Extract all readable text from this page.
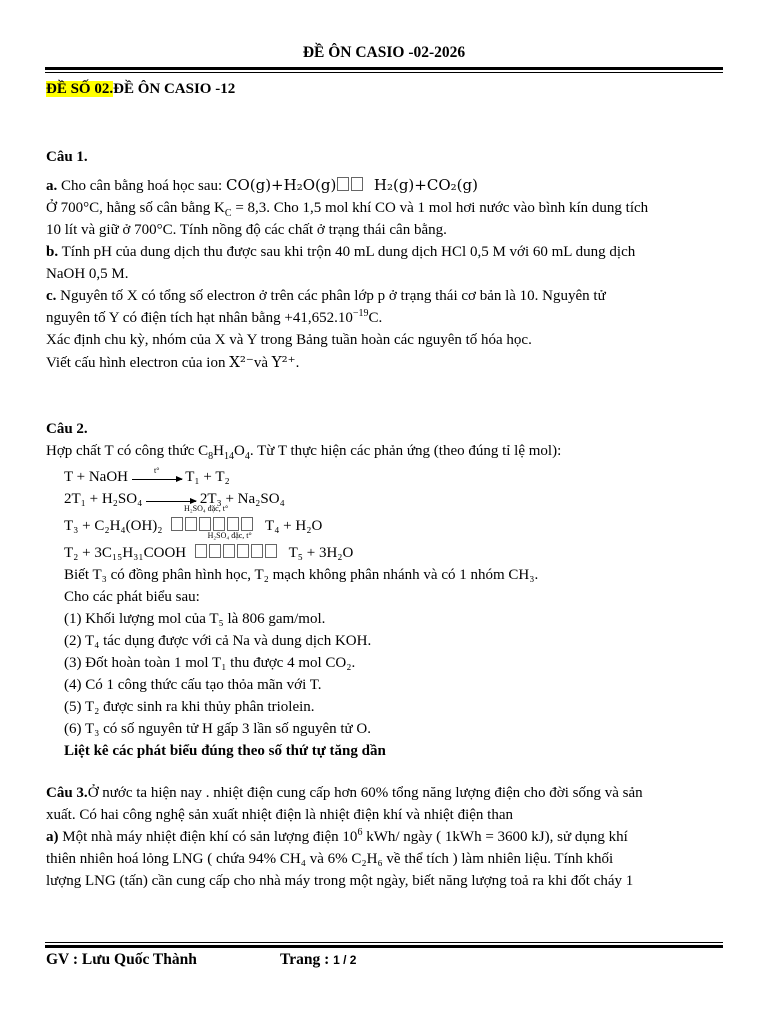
ĐỀ ÔN CASIO -02-2026
ĐỀ SỐ 02.ĐỀ ÔN CASIO -12

Câu 1.

a. Cho cân bằng hoá học sau: CO(g)+H₂O(g)	H₂(g)+CO₂(g)

Ở 700°C, hằng số cân bằng $K_C = 8,3$. Cho 1,5 mol khí CO và 1 mol hơi nước vào bình kín dung tích

10 lít và giữ ở 700°C. Tính nồng độ các chất ở trạng thái cân bằng.

b. Tính pH của dung dịch thu được sau khi trộn 40 mL dung dịch HCl 0,5 M với 60 mL dung dịch

NaOH 0,5 M.

c. Nguyên tố X có tổng số electron ở trên các phân lớp p ở trạng thái cơ bản là 10. Nguyên tử

nguyên tố Y có điện tích hạt nhân bằng $+41,652.10^{-19}C$.

Xác định chu kỳ, nhóm của X và Y trong Bảng tuần hoàn các nguyên tố hóa học.

Viết cấu hình electron của ion X²⁻và Y²⁺.

Câu 2.

Hợp chất T có công thức $C_8H_{14}O_4$. Từ T thực hiện các phản ứng (theo đúng tỉ lệ mol):

T + NaOH	t°	T₁ + T₂

2T₁ + H₂SO₄ → 2T₃ + Na₂SO₄

T₃ + C₂H₄(OH)₂
H₂SO₄ đặc, t°
T₄ + H₂O

T₂ + 3C₁₅H₃₁COOH
H₂SO₄ đặc, t°
T₅ + 3H₂O

Biết T₃ có đồng phân hình học, T₂ mạch không phân nhánh và có 1 nhóm CH₃.

Cho các phát biểu sau:

(1) Khối lượng mol của T₅ là 806 gam/mol.

(2) T₄ tác dụng được với cả Na và dung dịch KOH.

(3) Đốt hoàn toàn 1 mol T₁ thu được 4 mol CO₂.

(4) Có 1 công thức cấu tạo thỏa mãn với T.

(5) T₂ được sinh ra khi thủy phân triolein.

(6) T₃ có số nguyên tử H gấp 3 lần số nguyên tử O.

Liệt kê các phát biểu đúng theo số thứ tự tăng dần

Câu 3.Ở nước ta hiện nay . nhiệt điện cung cấp hơn 60% tổng năng lượng điện cho đời sống và sản

xuất. Có hai công nghệ sản xuất nhiệt điện là nhiệt điện khí và nhiệt điện than

a) Một nhà máy nhiệt điện khí có sản lượng điện $10^6$ kWh/ ngày ( 1kWh = 3600 kJ), sử dụng khí

thiên nhiên hoá lỏng LNG ( chứa 94% CH₄ và 6% C₂H₆ về thể tích ) làm nhiên liệu. Tính khối

lượng LNG (tấn) cần cung cấp cho nhà máy trong một ngày, biết năng lượng toả ra khi đốt cháy 1

GV : Lưu Quốc Thành	Trang : 1 / 2
